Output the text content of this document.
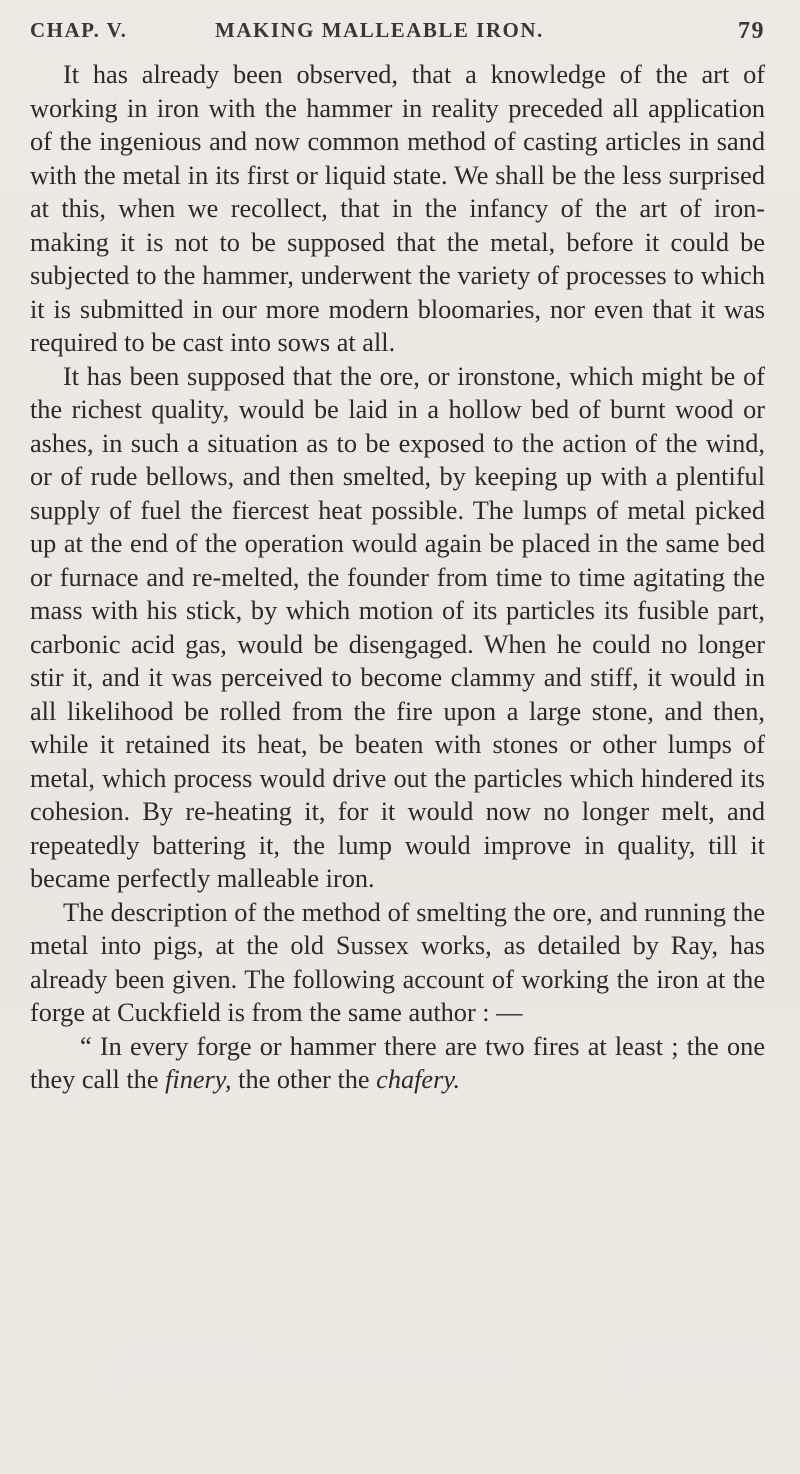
CHAP. V.	MAKING MALLEABLE IRON.	79

It has already been observed, that a knowledge of the art of working in iron with the hammer in reality preceded all application of the ingenious and now common method of casting articles in sand with the metal in its first or liquid state. We shall be the less surprised at this, when we recollect, that in the infancy of the art of iron-making it is not to be supposed that the metal, before it could be subjected to the hammer, underwent the variety of processes to which it is submitted in our more modern bloomaries, nor even that it was required to be cast into sows at all.

It has been supposed that the ore, or ironstone, which might be of the richest quality, would be laid in a hollow bed of burnt wood or ashes, in such a situation as to be exposed to the action of the wind, or of rude bellows, and then smelted, by keeping up with a plentiful supply of fuel the fiercest heat possible. The lumps of metal picked up at the end of the operation would again be placed in the same bed or furnace and re-melted, the founder from time to time agitating the mass with his stick, by which motion of its particles its fusible part, carbonic acid gas, would be disengaged. When he could no longer stir it, and it was perceived to become clammy and stiff, it would in all likelihood be rolled from the fire upon a large stone, and then, while it retained its heat, be beaten with stones or other lumps of metal, which process would drive out the particles which hindered its cohesion. By re-heating it, for it would now no longer melt, and repeatedly battering it, the lump would improve in quality, till it became perfectly malleable iron.

The description of the method of smelting the ore, and running the metal into pigs, at the old Sussex works, as detailed by Ray, has already been given. The following account of working the iron at the forge at Cuckfield is from the same author : —

“ In every forge or hammer there are two fires at least ; the one they call the finery, the other the chafery.
